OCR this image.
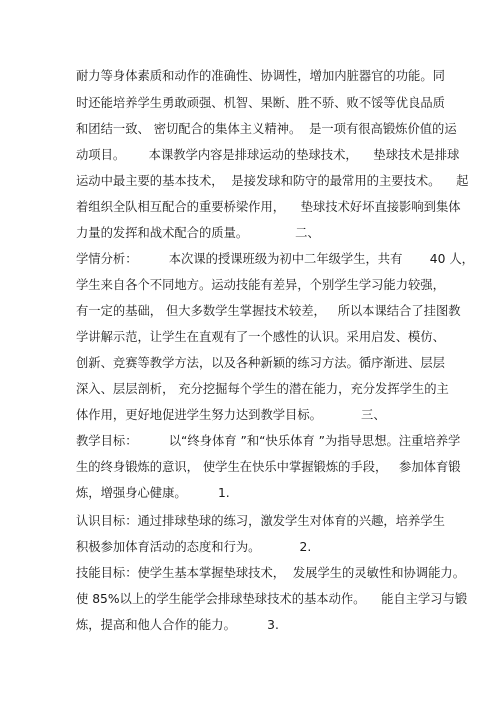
耐力等身体素质和动作的准确性、协调性，增加内脏器官的功能。同
时还能培养学生勇敢顽强、机智、果断、胜不骄、败不馁等优良品质
和团结一致、 密切配合的集体主义精神。  是一项有很高锻炼价值的运
动项目。      本课教学内容是排球运动的垫球技术，    垫球技术是排球
运动中最主要的基本技术，  是接发球和防守的最常用的主要技术。    起
着组织全队相互配合的重要桥梁作用，    垫球技术好坏直接影响到集体
力量的发挥和战术配合的质量。            二、
学情分析：        本次课的授课班级为初中二年级学生，共有       40 人，
学生来自各个不同地方。运动技能有差异，个别学生学习能力较强，
有一定的基础， 但大多数学生掌握技术较差，   所以本课结合了挂图教
学讲解示范，让学生在直观有了一个感性的认识。采用启发、模仿、
创新、竞赛等教学方法，以及各种新颖的练习方法。循序渐进、层层
深入、层层剖析， 充分挖掘每个学生的潜在能力，充分发挥学生的主
体作用，更好地促进学生努力达到教学目标。          三、
教学目标：        以“终身体育 ”和“快乐体育 ”为指导思想。注重培养学
生的终身锻炼的意识， 使学生在快乐中掌握锻炼的手段，   参加体育锻
炼，增强身心健康。        1.
认识目标：通过排球垫球的练习，激发学生对体育的兴趣，培养学生
积极参加体育活动的态度和行为。          2.
技能目标：使学生基本掌握垫球技术，  发展学生的灵敏性和协调能力。
使 85%以上的学生能学会排球垫球技术的基本动作。    能自主学习与锻
炼，提高和他人合作的能力。        3.
